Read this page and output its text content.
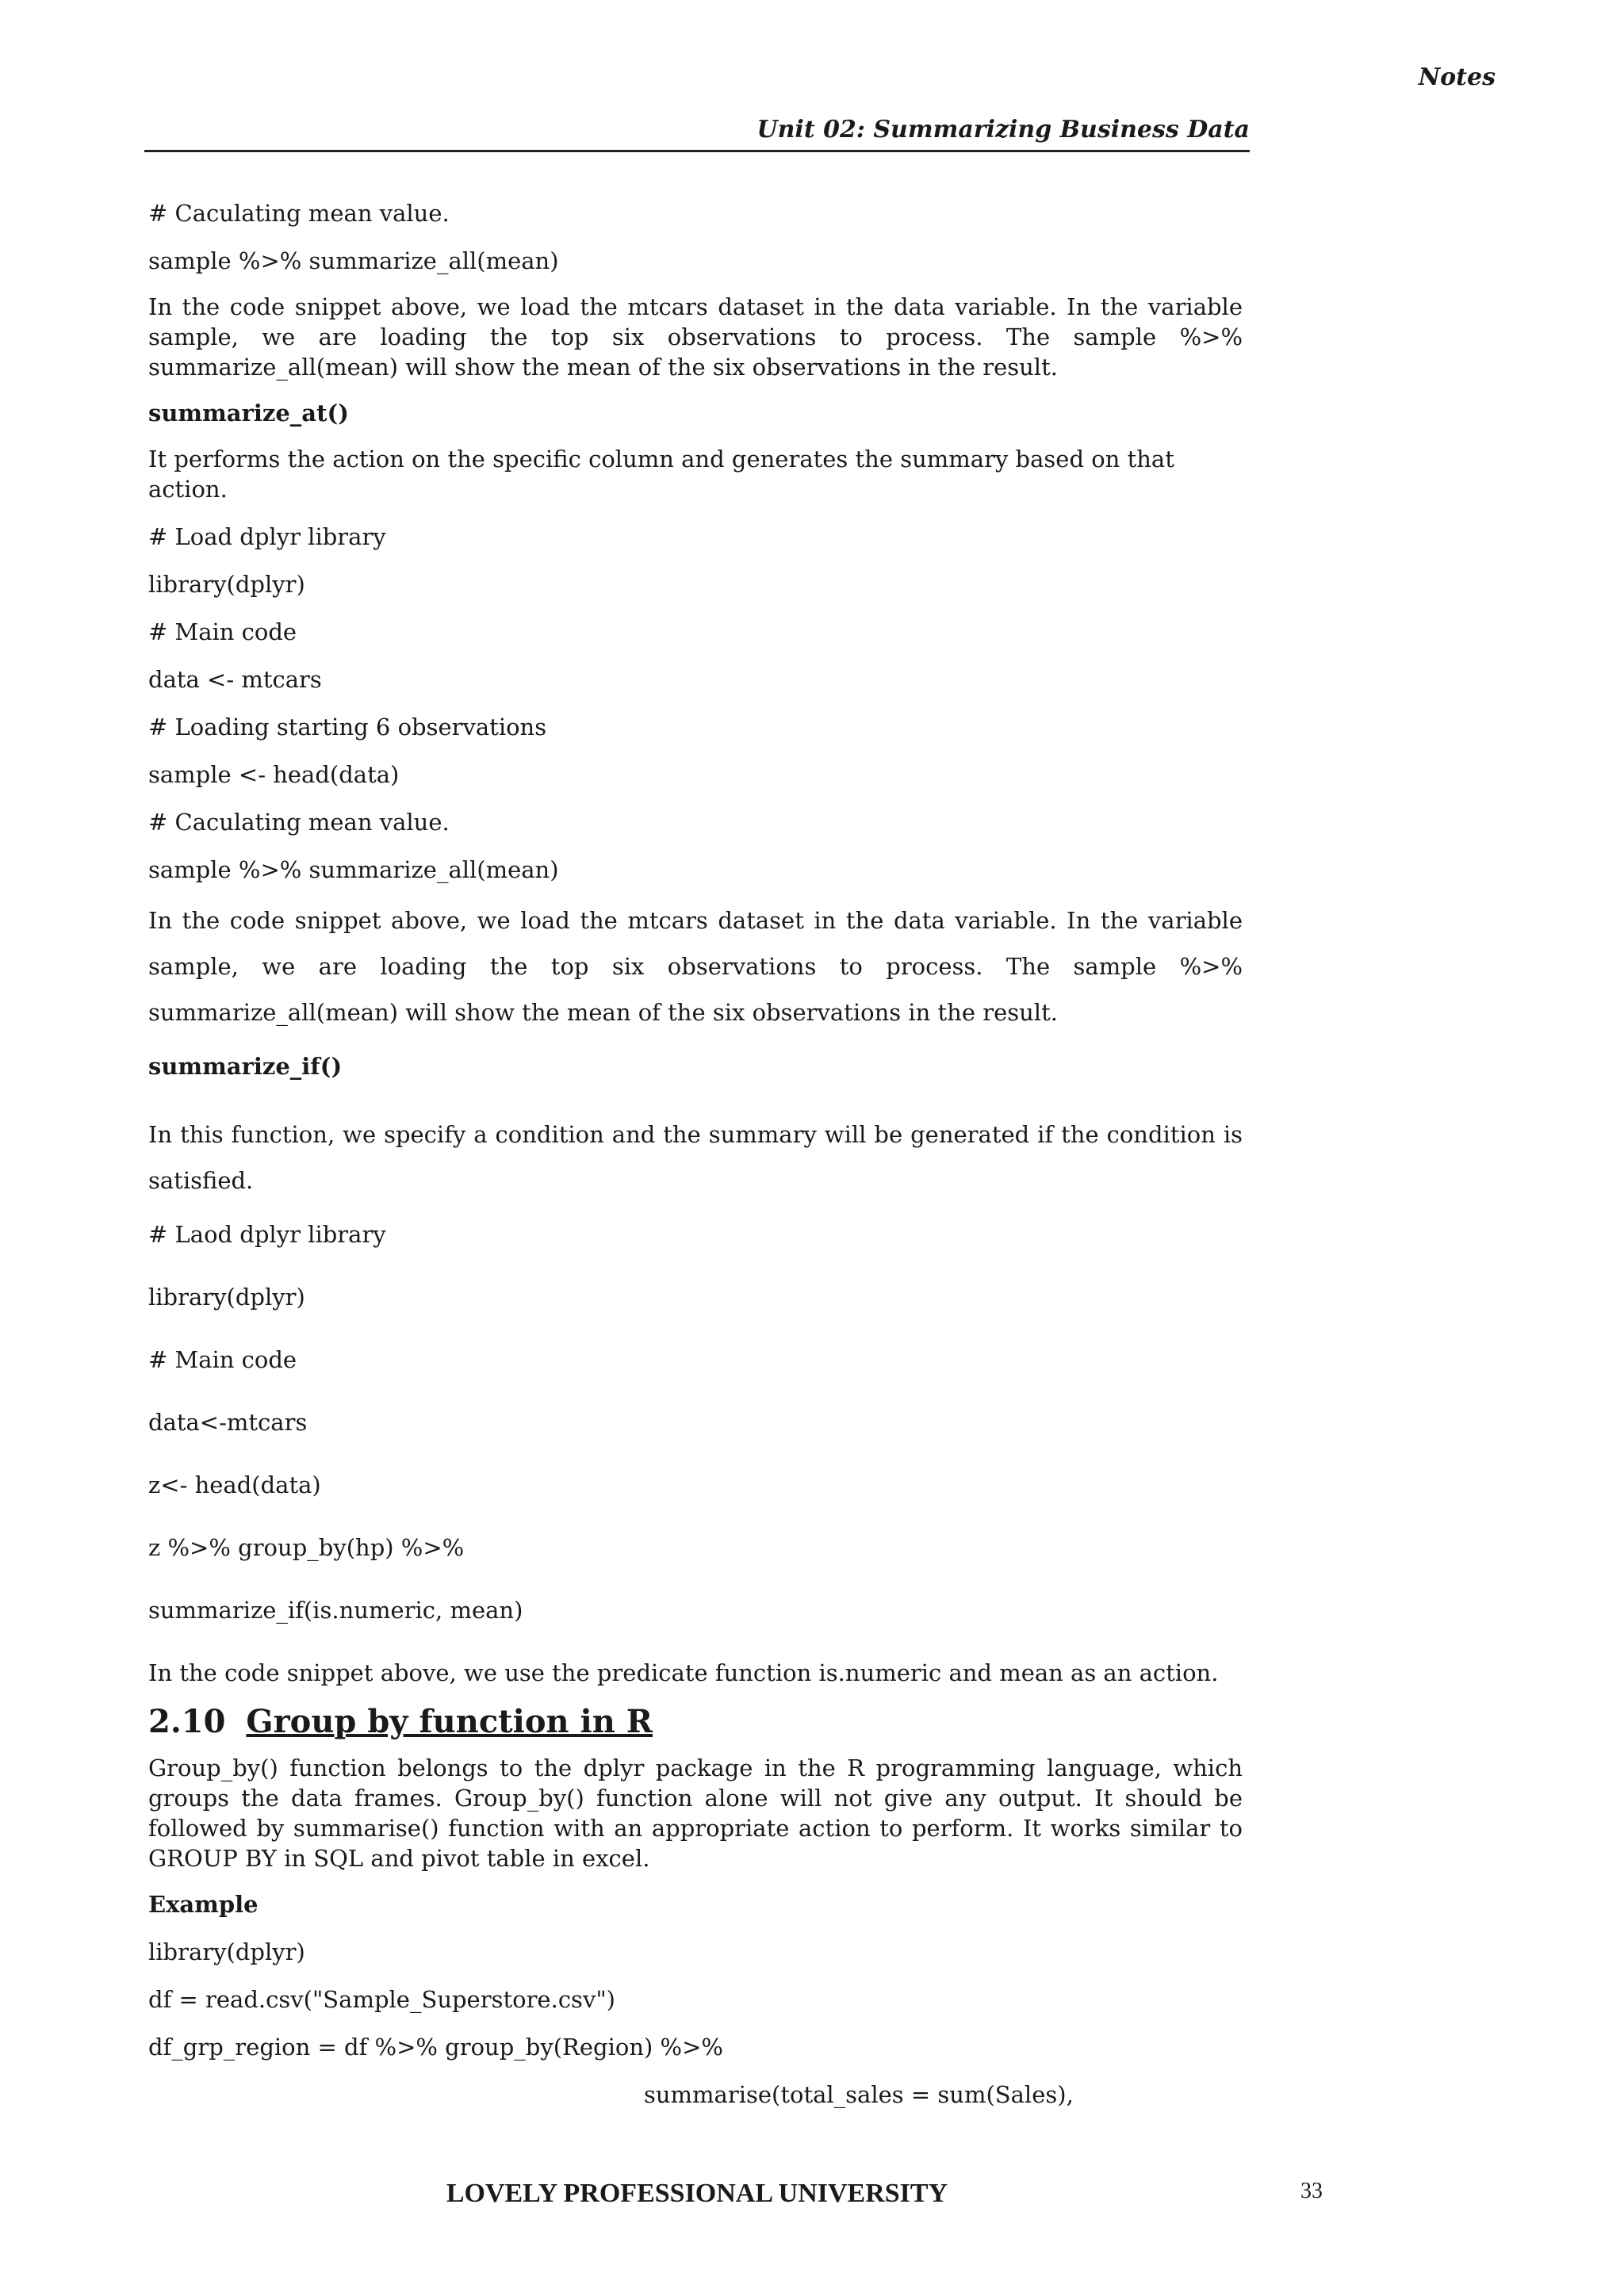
Notes
Unit 02: Summarizing Business Data

# Caculating mean value.

sample %>% summarize_all(mean)

In the code snippet above, we load the mtcars dataset in the data variable. In the variable sample, we are loading the top six observations to process. The sample %>% summarize_all(mean) will show the mean of the six observations in the result.

summarize_at()

It performs the action on the specific column and generates the summary based on that action.

# Load dplyr library

library(dplyr)

# Main code

data <- mtcars

# Loading starting 6 observations

sample <- head(data)

# Caculating mean value.

sample %>% summarize_all(mean)

In the code snippet above, we load the mtcars dataset in the data variable. In the variable sample, we are loading the top six observations to process. The sample %>% summarize_all(mean) will show the mean of the six observations in the result.

summarize_if()

In this function, we specify a condition and the summary will be generated if the condition is satisfied.

# Laod dplyr library

library(dplyr)

# Main code

data<-mtcars

z<- head(data)

z %>% group_by(hp) %>%

summarize_if(is.numeric, mean)

In the code snippet above, we use the predicate function is.numeric and mean as an action.

2.10 Group by function in R

Group_by() function belongs to the dplyr package in the R programming language, which groups the data frames. Group_by() function alone will not give any output. It should be followed by summarise() function with an appropriate action to perform. It works similar to GROUP BY in SQL and pivot table in excel.

Example

library(dplyr)

df = read.csv("Sample_Superstore.csv")

df_grp_region = df %>% group_by(Region) %>%

summarise(total_sales = sum(Sales),

LOVELY PROFESSIONAL UNIVERSITY	33
